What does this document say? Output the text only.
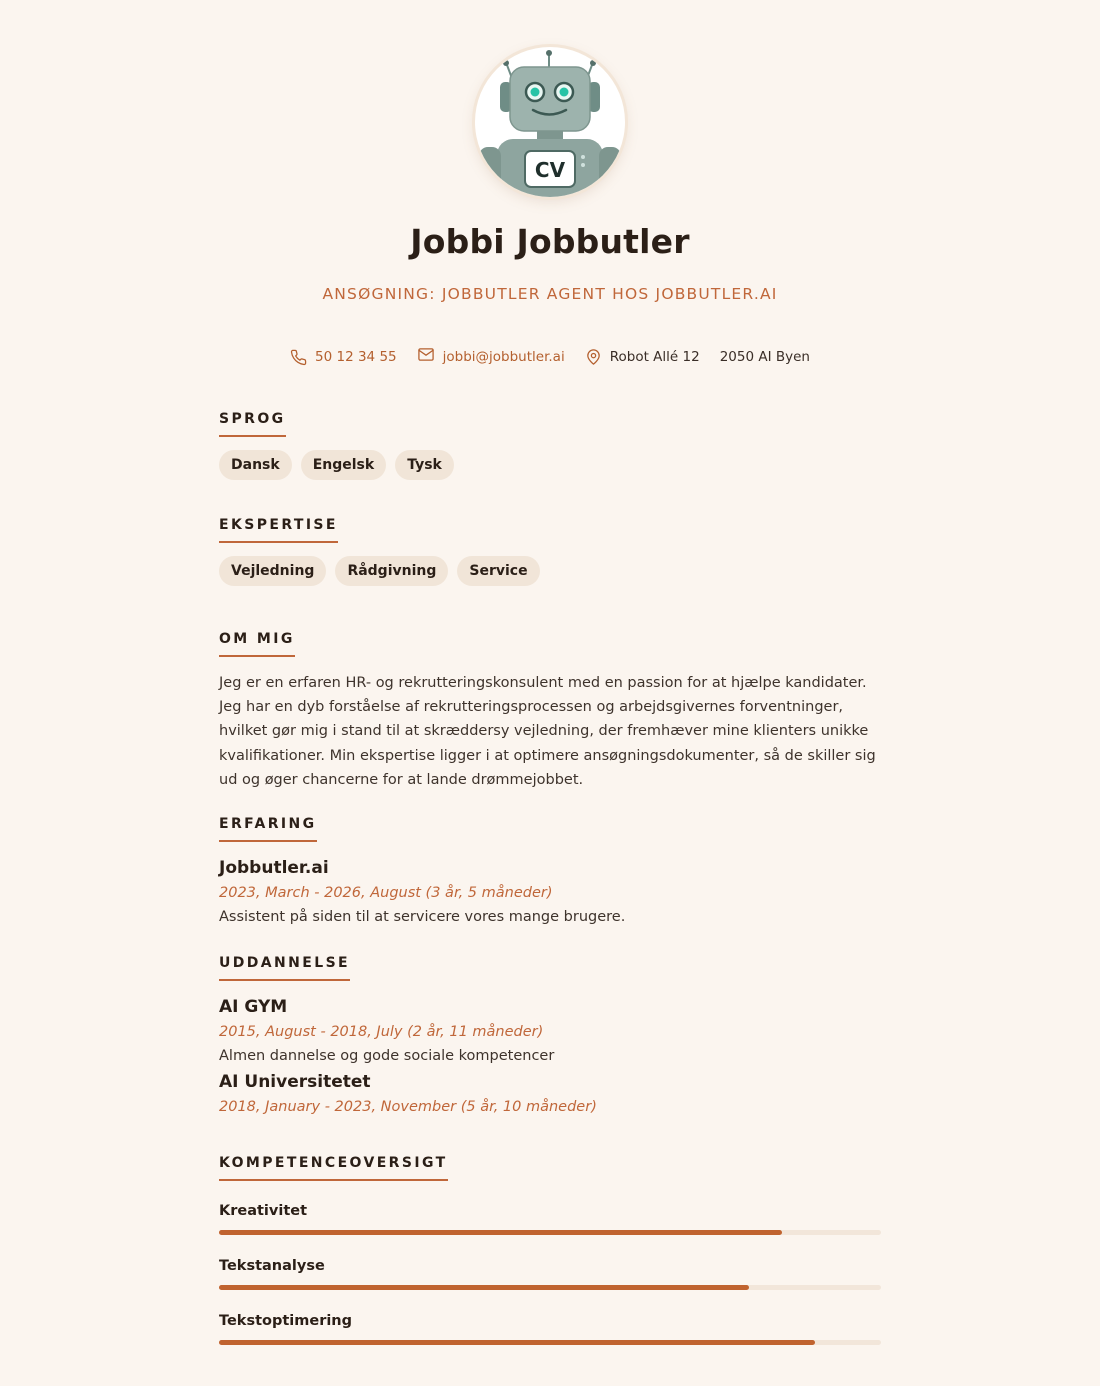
CV
Jobbi Jobbutler
ANSØGNING: JOBBUTLER AGENT HOS JOBBUTLER.AI
50 12 34 55	jobbi@jobbutler.ai	Robot Allé 12 2050 AI Byen
SPROG
Dansk	Engelsk	Tysk
EKSPERTISE
Vejledning	Rådgivning	Service
OM MIG
Jeg er en erfaren HR- og rekrutteringskonsulent med en passion for at hjælpe kandidater. Jeg har en dyb forståelse af rekrutteringsprocessen og arbejdsgivernes forventninger, hvilket gør mig i stand til at skræddersy vejledning, der fremhæver mine klienters unikke kvalifikationer. Min ekspertise ligger i at optimere ansøgningsdokumenter, så de skiller sig ud og øger chancerne for at lande drømmejobbet.
ERFARING
Jobbutler.ai
2023, March - 2026, August (3 år, 5 måneder)
Assistent på siden til at servicere vores mange brugere.
UDDANNELSE
AI GYM
2015, August - 2018, July (2 år, 11 måneder)
Almen dannelse og gode sociale kompetencer
AI Universitetet
2018, January - 2023, November (5 år, 10 måneder)
KOMPETENCEOVERSIGT
Kreativitet
Tekstanalyse
Tekstoptimering
